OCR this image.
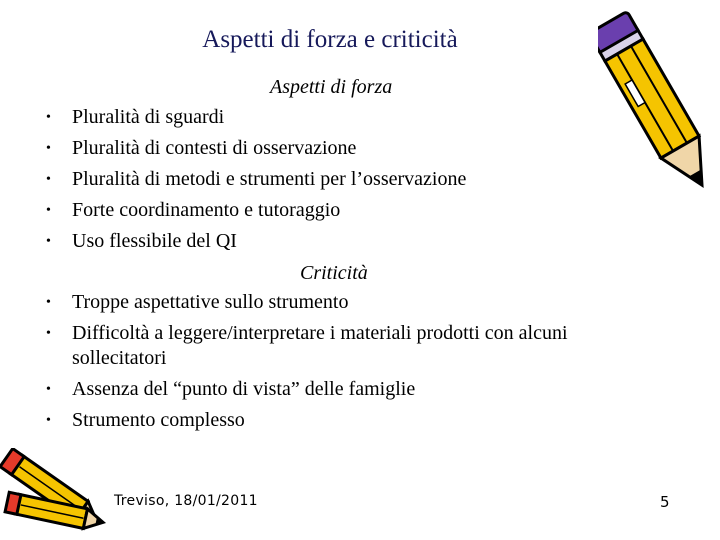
Aspetti di forza e criticità
Aspetti di forza
• Pluralità di sguardi
• Pluralità di contesti di osservazione
• Pluralità di metodi e strumenti per l’osservazione
• Forte coordinamento e tutoraggio
• Uso flessibile del QI
Criticità
• Troppe aspettative sullo strumento
• Difficoltà a leggere/interpretare i materiali prodotti con alcuni sollecitatori
• Assenza del “punto di vista” delle famiglie
• Strumento complesso
Treviso, 18/01/2011	5
